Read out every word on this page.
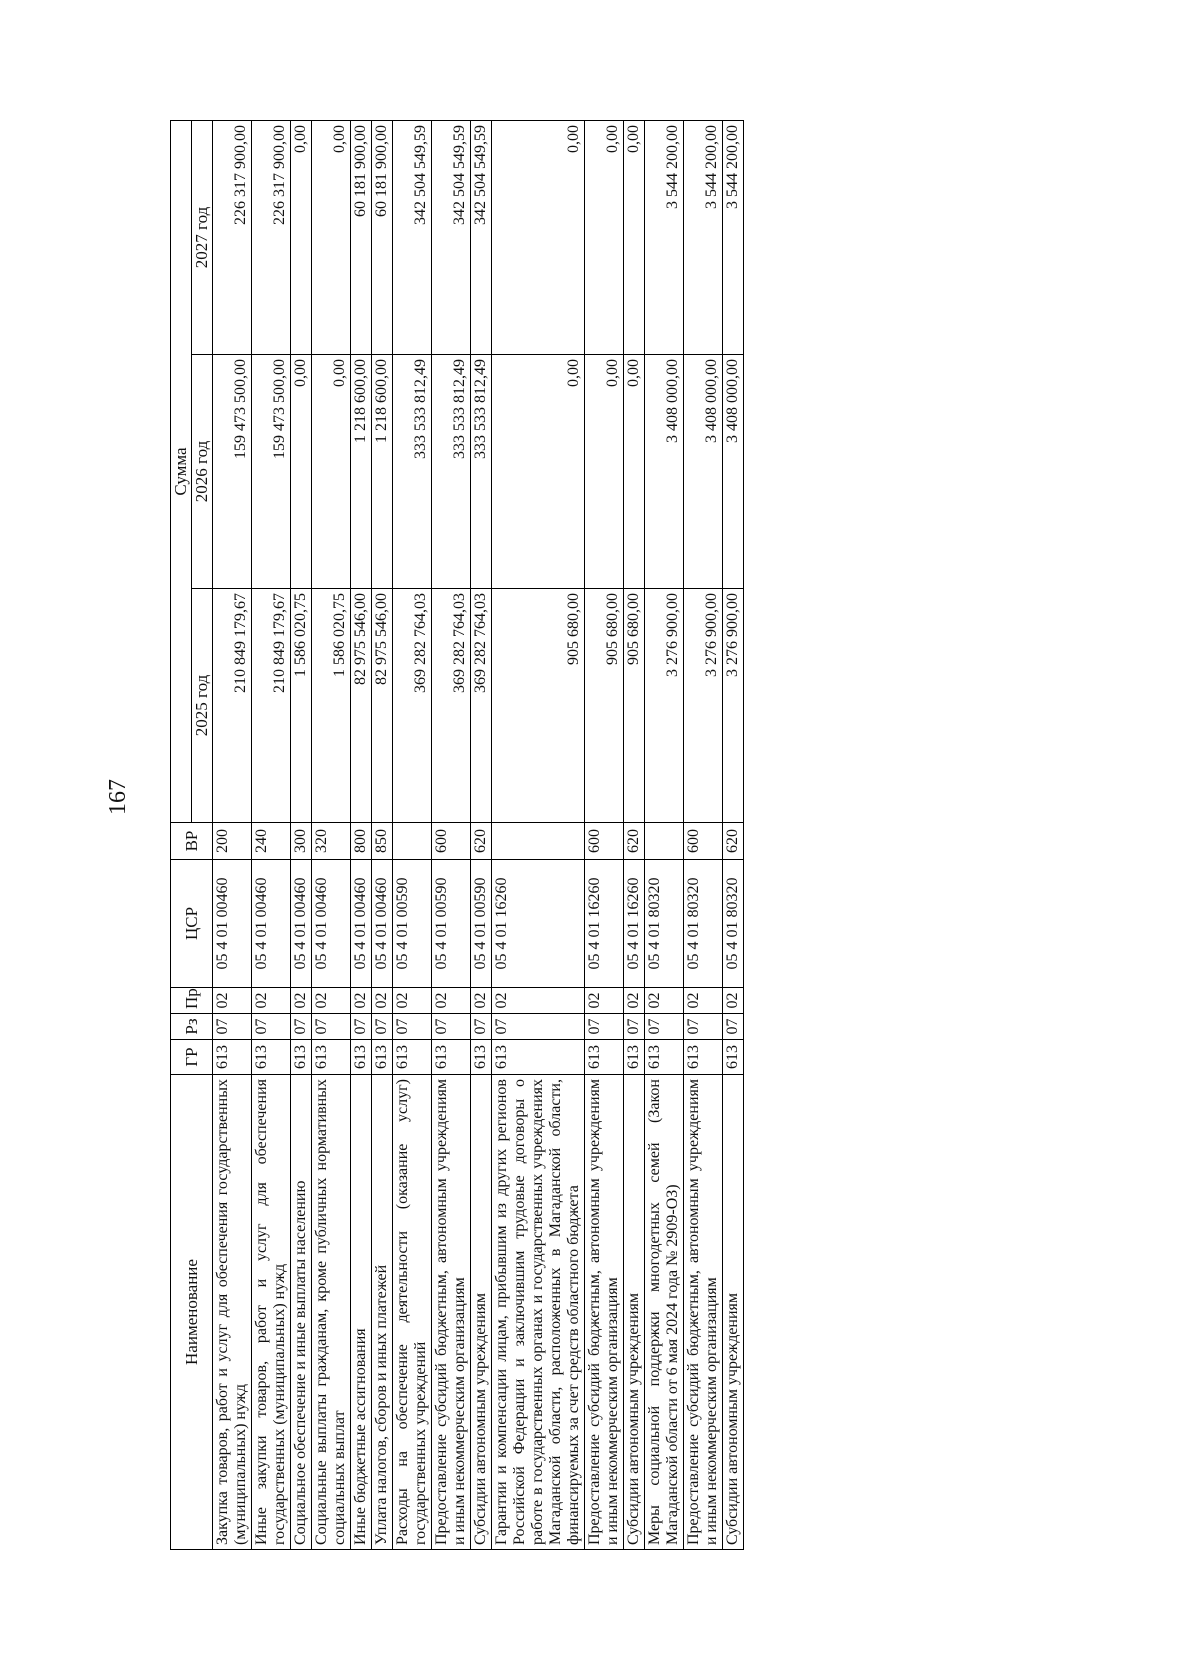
167
Наименование	ГР	Рз	Пр	ЦСР	ВР	Сумма		
						2025 год	2026 год	2027 год
Закупка товаров, работ и услуг для обеспечения государственных (муниципальных) нужд	613	07	02	05 4 01 00460	200	210 849 179,67	159 473 500,00	226 317 900,00
Иные закупки товаров, работ и услуг для обеспечения государственных (муниципальных) нужд	613	07	02	05 4 01 00460	240	210 849 179,67	159 473 500,00	226 317 900,00
Социальное обеспечение и иные выплаты населению	613	07	02	05 4 01 00460	300	1 586 020,75	0,00	0,00
Социальные выплаты гражданам, кроме публичных нормативных социальных выплат	613	07	02	05 4 01 00460	320	1 586 020,75	0,00	0,00
Иные бюджетные ассигнования	613	07	02	05 4 01 00460	800	82 975 546,00	1 218 600,00	60 181 900,00
Уплата налогов, сборов и иных платежей	613	07	02	05 4 01 00460	850	82 975 546,00	1 218 600,00	60 181 900,00
Расходы на обеспечение деятельности (оказание услуг) государственных учреждений	613	07	02	05 4 01 00590		369 282 764,03	333 533 812,49	342 504 549,59
Предоставление субсидий бюджетным, автономным учреждениям и иным некоммерческим организациям	613	07	02	05 4 01 00590	600	369 282 764,03	333 533 812,49	342 504 549,59
Субсидии автономным учреждениям	613	07	02	05 4 01 00590	620	369 282 764,03	333 533 812,49	342 504 549,59
Гарантии и компенсации лицам, прибывшим из других регионов Российской Федерации и заключившим трудовые договоры о работе в государственных органах и государственных учреждениях Магаданской области, расположенных в Магаданской области, финансируемых за счет средств областного бюджета	613	07	02	05 4 01 16260		905 680,00	0,00	0,00
Предоставление субсидий бюджетным, автономным учреждениям и иным некоммерческим организациям	613	07	02	05 4 01 16260	600	905 680,00	0,00	0,00
Субсидии автономным учреждениям	613	07	02	05 4 01 16260	620	905 680,00	0,00	0,00
Меры социальной поддержки многодетных семей (Закон Магаданской области от 6 мая 2024 года № 2909-ОЗ)	613	07	02	05 4 01 80320		3 276 900,00	3 408 000,00	3 544 200,00
Предоставление субсидий бюджетным, автономным учреждениям и иным некоммерческим организациям	613	07	02	05 4 01 80320	600	3 276 900,00	3 408 000,00	3 544 200,00
Субсидии автономным учреждениям	613	07	02	05 4 01 80320	620	3 276 900,00	3 408 000,00	3 544 200,00
